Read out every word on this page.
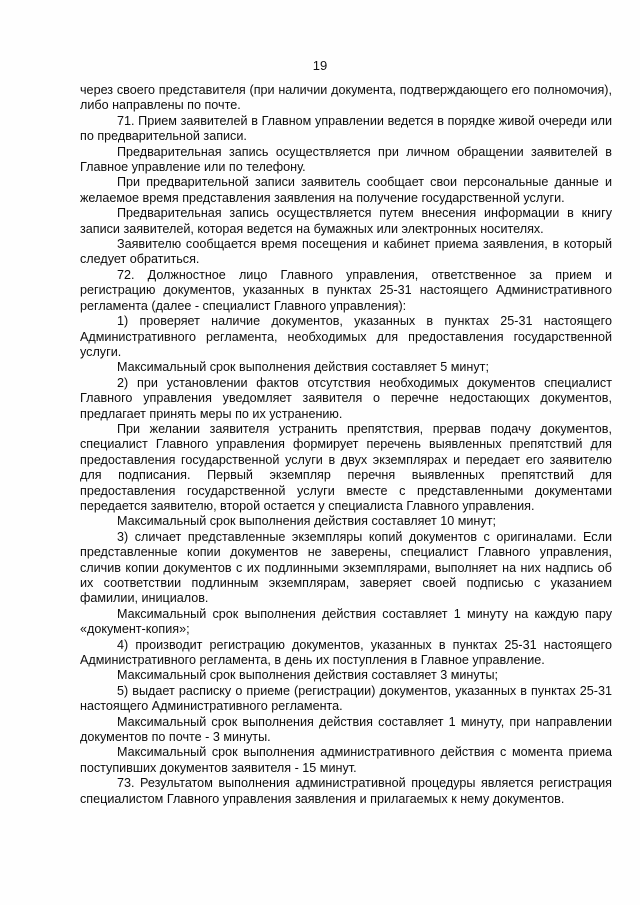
19

через своего представителя (при наличии документа, подтверждающего его полномочия), либо направлены по почте.

71. Прием заявителей в Главном управлении ведется в порядке живой очереди или по предварительной записи.

Предварительная запись осуществляется при личном обращении заявителей в Главное управление или по телефону.

При предварительной записи заявитель сообщает свои персональные данные и желаемое время представления заявления на получение государственной услуги.

Предварительная запись осуществляется путем внесения информации в книгу записи заявителей, которая ведется на бумажных или электронных носителях.

Заявителю сообщается время посещения и кабинет приема заявления, в который следует обратиться.

72. Должностное лицо Главного управления, ответственное за прием и регистрацию документов, указанных в пунктах 25-31 настоящего Административного регламента (далее - специалист Главного управления):

1) проверяет наличие документов, указанных в пунктах 25-31 настоящего Административного регламента, необходимых для предоставления государственной услуги.

Максимальный срок выполнения действия составляет 5 минут;

2) при установлении фактов отсутствия необходимых документов специалист Главного управления уведомляет заявителя о перечне недостающих документов, предлагает принять меры по их устранению.

При желании заявителя устранить препятствия, прервав подачу документов, специалист Главного управления формирует перечень выявленных препятствий для предоставления государственной услуги в двух экземплярах и передает его заявителю для подписания. Первый экземпляр перечня выявленных препятствий для предоставления государственной услуги вместе с представленными документами передается заявителю, второй остается у специалиста Главного управления.

Максимальный срок выполнения действия составляет 10 минут;

3) сличает представленные экземпляры копий документов с оригиналами. Если представленные копии документов не заверены, специалист Главного управления, сличив копии документов с их подлинными экземплярами, выполняет на них надпись об их соответствии подлинным экземплярам, заверяет своей подписью с указанием фамилии, инициалов.

Максимальный срок выполнения действия составляет 1 минуту на каждую пару «документ-копия»;

4) производит регистрацию документов, указанных в пунктах 25-31 настоящего Административного регламента, в день их поступления в Главное управление.

Максимальный срок выполнения действия составляет 3 минуты;

5) выдает расписку о приеме (регистрации) документов, указанных в пунктах 25-31 настоящего Административного регламента.

Максимальный срок выполнения действия составляет 1 минуту, при направлении документов по почте - 3 минуты.

Максимальный срок выполнения административного действия с момента приема поступивших документов заявителя - 15 минут.

73. Результатом выполнения административной процедуры является регистрация специалистом Главного управления заявления и прилагаемых к нему документов.
